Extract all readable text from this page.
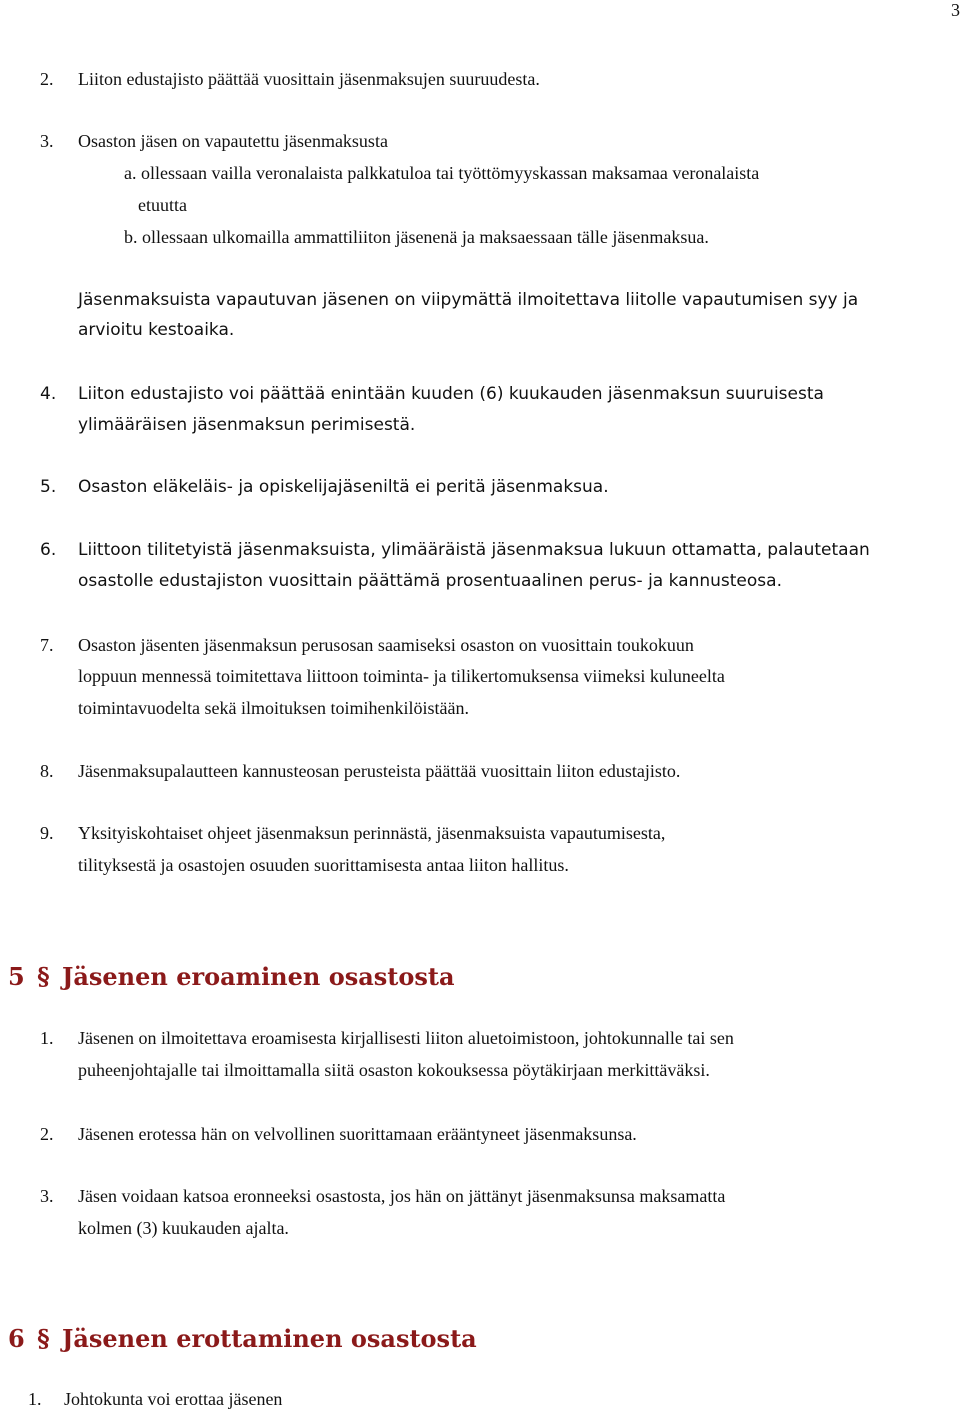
3
2. Liiton edustajisto päättää vuosittain jäsenmaksujen suuruudesta.
3. Osaston jäsen on vapautettu jäsenmaksusta
a. ollessaan vailla veronalaista palkkatuloa tai työttömyyskassan maksamaa veronalaista
etuutta
b. ollessaan ulkomailla ammattiliiton jäsenenä ja maksaessaan tälle jäsenmaksua.
Jäsenmaksuista vapautuvan jäsenen on viipymättä ilmoitettava liitolle vapautumisen syy ja
arvioitu kestoaika.
4. Liiton edustajisto voi päättää enintään kuuden (6) kuukauden jäsenmaksun suuruisesta
ylimääräisen jäsenmaksun perimisestä.
5. Osaston eläkeläis- ja opiskelijajäseniltä ei peritä jäsenmaksua.
6. Liittoon tilitetyistä jäsenmaksuista, ylimääräistä jäsenmaksua lukuun ottamatta, palautetaan
osastolle edustajiston vuosittain päättämä prosentuaalinen perus- ja kannusteosa.
7. Osaston jäsenten jäsenmaksun perusosan saamiseksi osaston on vuosittain toukokuun
loppuun mennessä toimitettava liittoon toiminta- ja tilikertomuksensa viimeksi kuluneelta
toimintavuodelta sekä ilmoituksen toimihenkilöistään.
8. Jäsenmaksupalautteen kannusteosan perusteista päättää vuosittain liiton edustajisto.
9. Yksityiskohtaiset ohjeet jäsenmaksun perinnästä, jäsenmaksuista vapautumisesta,
tilityksestä ja osastojen osuuden suorittamisesta antaa liiton hallitus.
5 § Jäsenen eroaminen osastosta
1. Jäsenen on ilmoitettava eroamisesta kirjallisesti liiton aluetoimistoon, johtokunnalle tai sen
puheenjohtajalle tai ilmoittamalla siitä osaston kokouksessa pöytäkirjaan merkittäväksi.
2. Jäsenen erotessa hän on velvollinen suorittamaan erääntyneet jäsenmaksunsa.
3. Jäsen voidaan katsoa eronneeksi osastosta, jos hän on jättänyt jäsenmaksunsa maksamatta
kolmen (3) kuukauden ajalta.
6 § Jäsenen erottaminen osastosta
1. Johtokunta voi erottaa jäsenen
